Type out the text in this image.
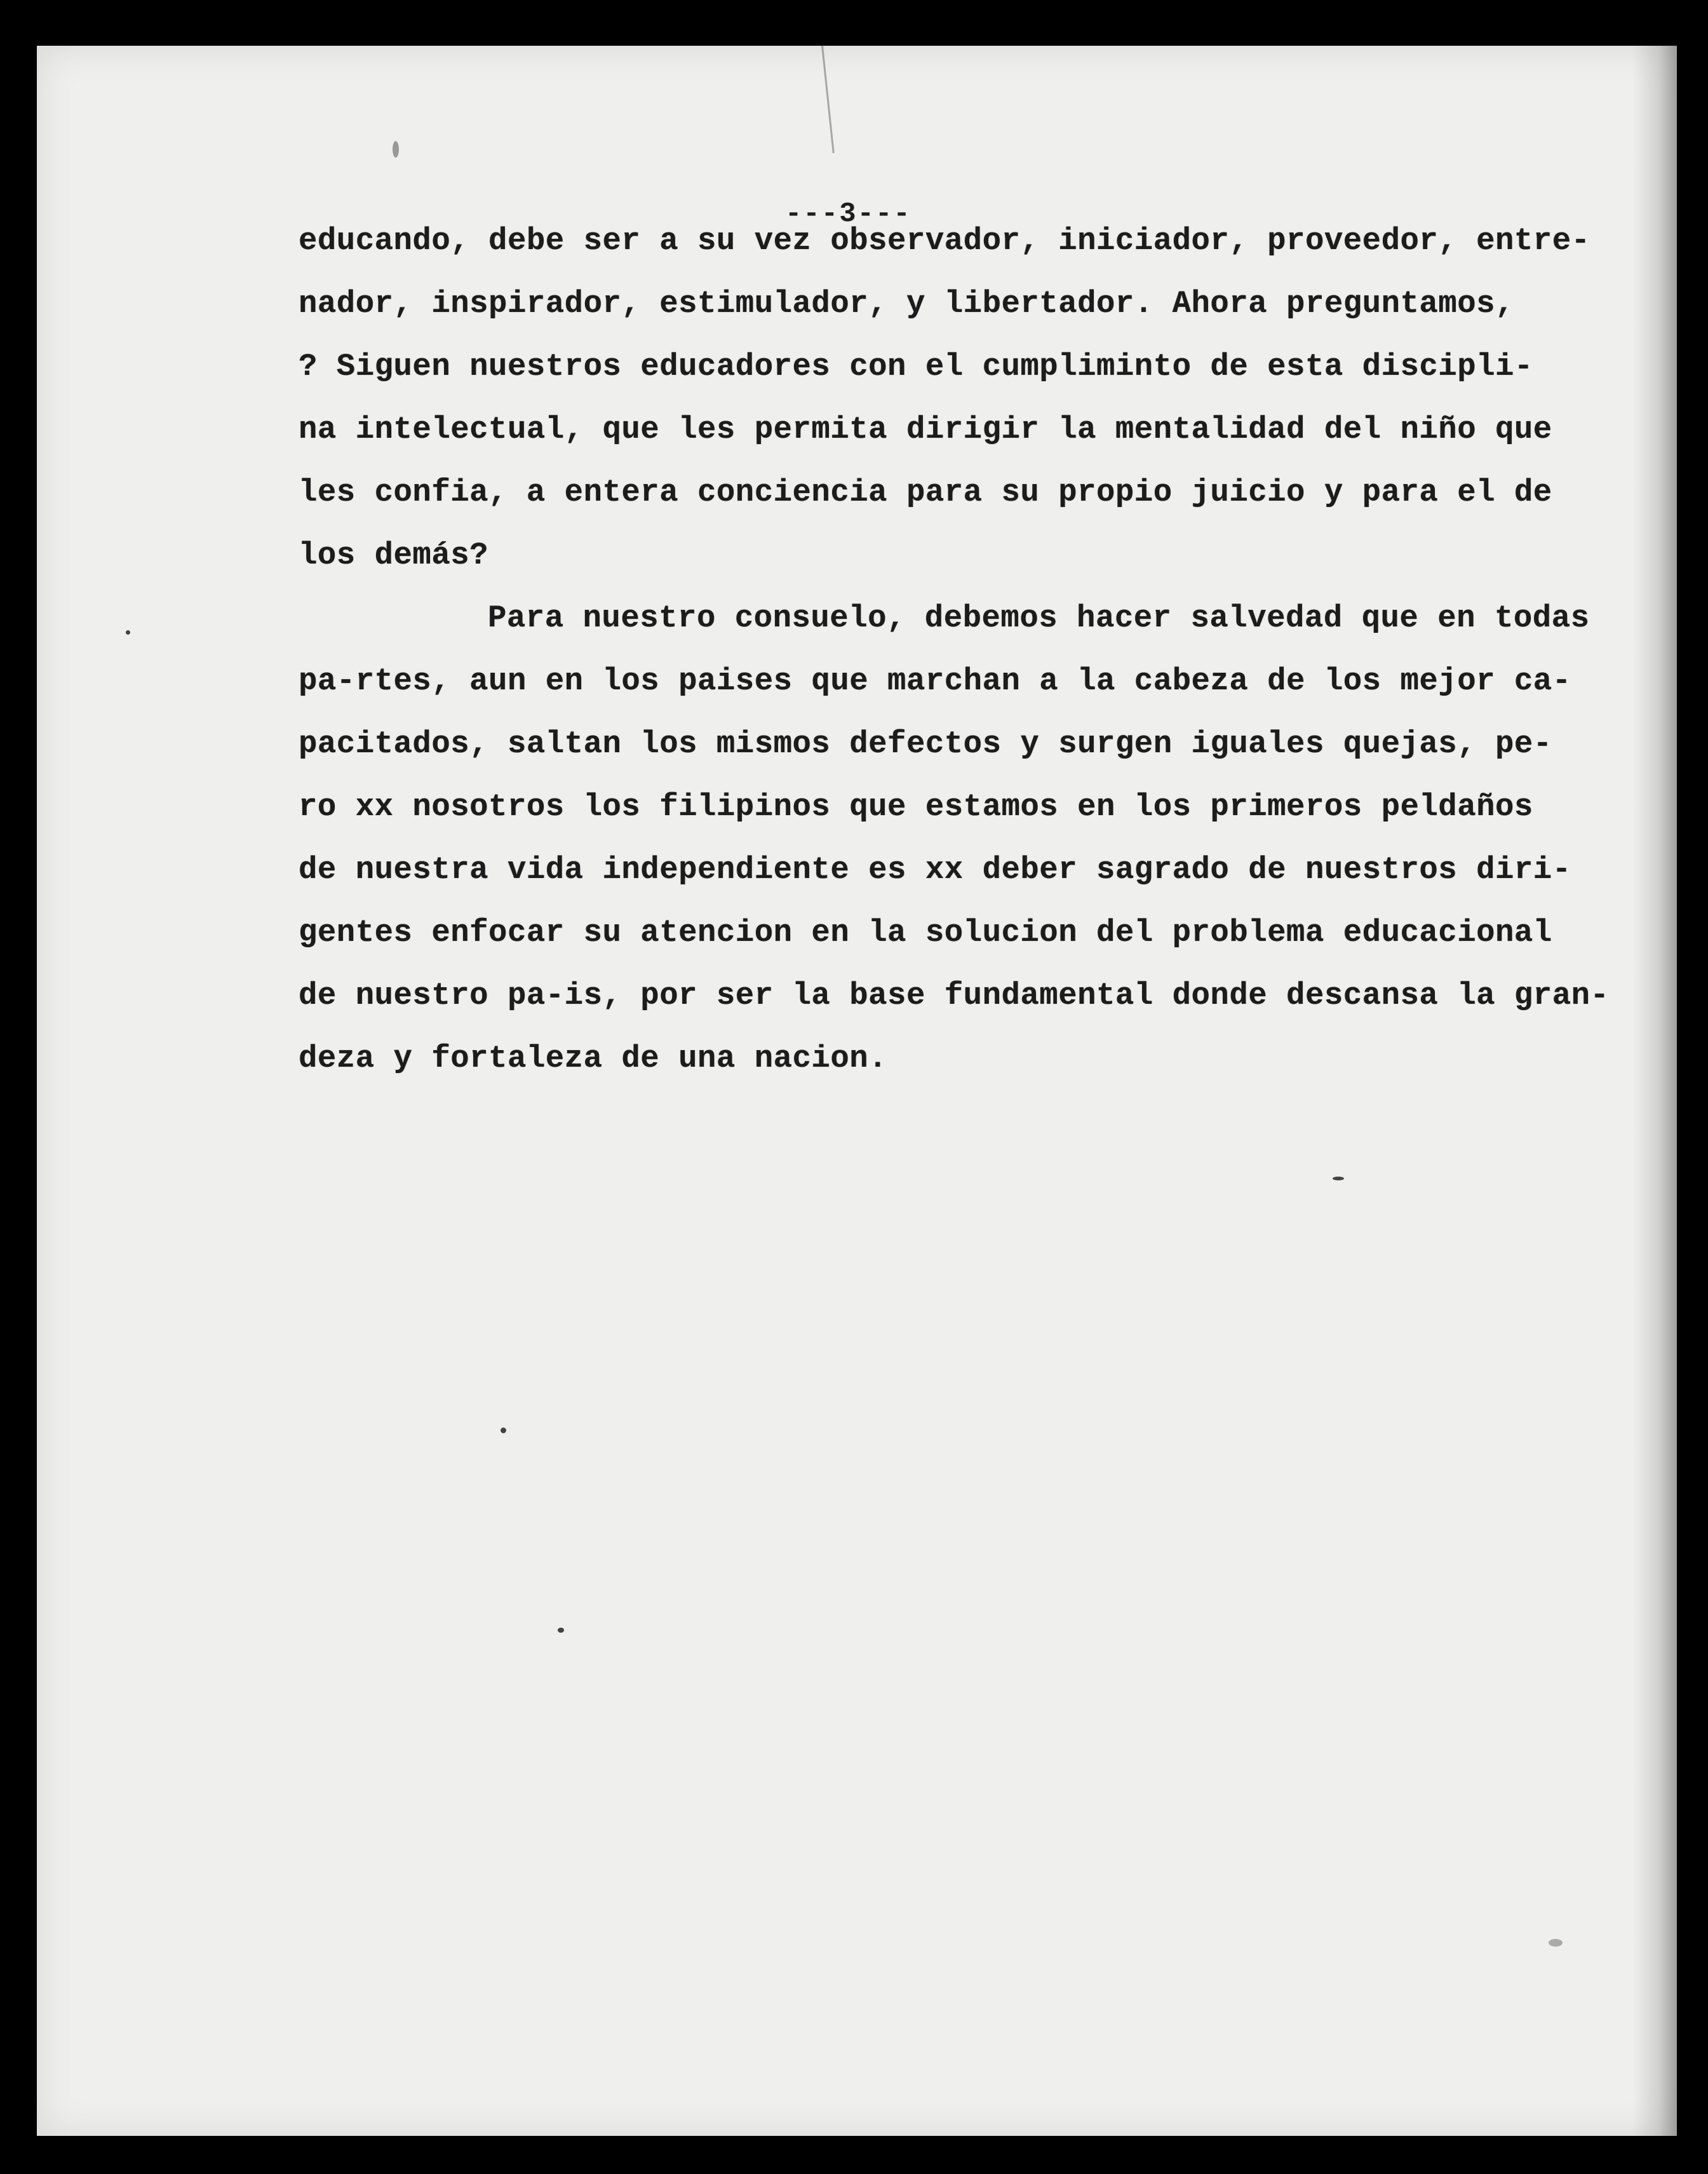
---3---
educando, debe ser a su vez observador, iniciador, proveedor, entre-
nador, inspirador, estimulador, y libertador. Ahora preguntamos,
? Siguen nuestros educadores con el cumpliminto de esta discipli-
na intelectual, que les permita dirigir la mentalidad del niño que
les confia, a entera conciencia para su propio juicio y para el de
los demás?
Para nuestro consuelo, debemos hacer salvedad que en todas
pa-rtes, aun en los paises que marchan a la cabeza de los mejor ca-
pacitados, saltan los mismos defectos y surgen iguales quejas, pe-
ro xx nosotros los filipinos que estamos en los primeros peldaños
de nuestra vida independiente es xx deber sagrado de nuestros diri-
gentes enfocar su atencion en la solucion del problema educacional
de nuestro pa-is, por ser la base fundamental donde descansa la gran-
deza y fortaleza de una nacion.
